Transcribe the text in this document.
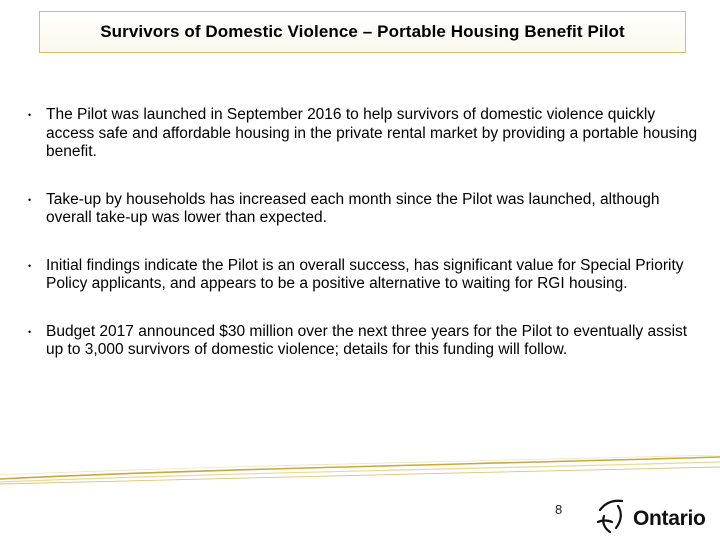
Survivors of Domestic Violence – Portable Housing Benefit Pilot
• The Pilot was launched in September 2016 to help survivors of domestic violence quickly access safe and affordable housing in the private rental market by providing a portable housing benefit.
• Take-up by households has increased each month since the Pilot was launched, although overall take-up was lower than expected.
• Initial findings indicate the Pilot is an overall success, has significant value for Special Priority Policy applicants, and appears to be a positive alternative to waiting for RGI housing.
• Budget 2017 announced $30 million over the next three years for the Pilot to eventually assist up to 3,000 survivors of domestic violence; details for this funding will follow.
8	Ontario
